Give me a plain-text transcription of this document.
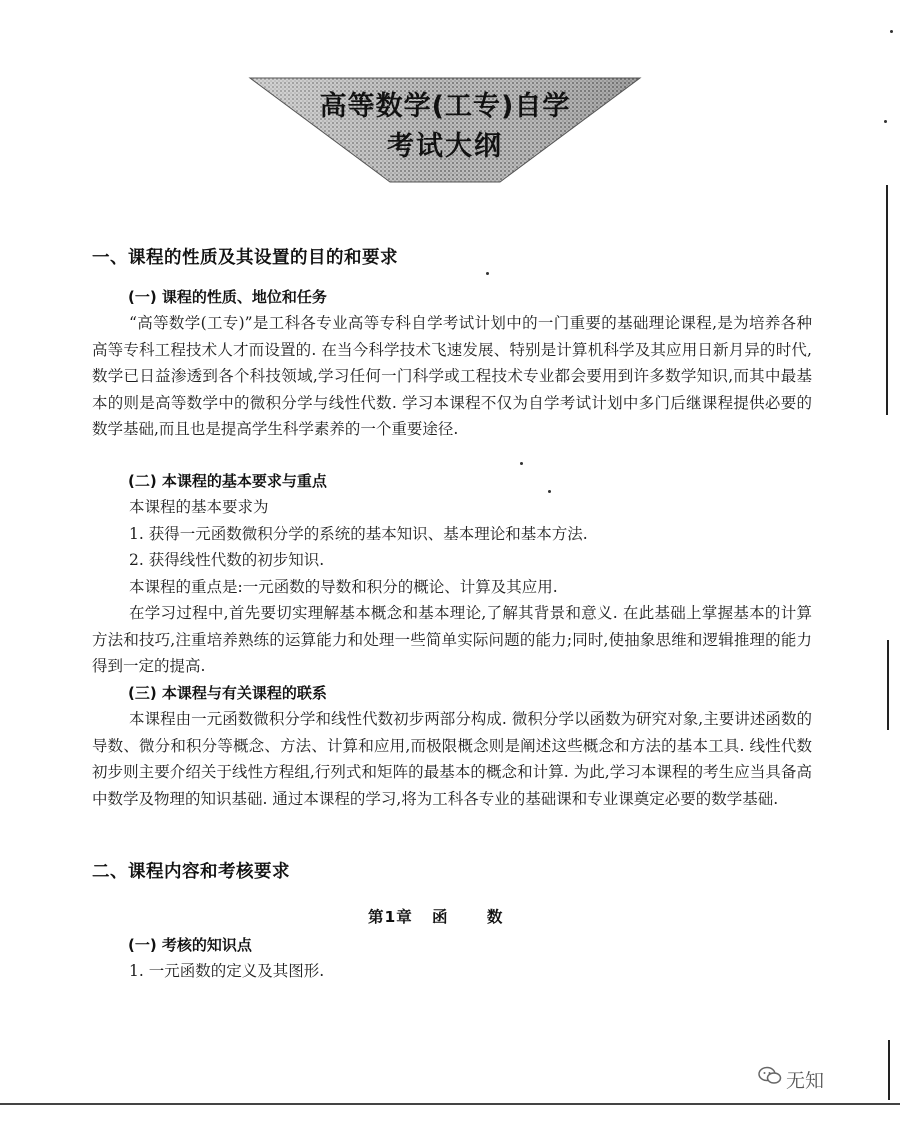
高等数学(工专)自学
考试大纲
一、课程的性质及其设置的目的和要求
(一) 课程的性质、地位和任务
“高等数学(工专)”是工科各专业高等专科自学考试计划中的一门重要的基础理论课程,是为培养各种高等专科工程技术人才而设置的. 在当今科学技术飞速发展、特别是计算机科学及其应用日新月异的时代,数学已日益渗透到各个科技领域,学习任何一门科学或工程技术专业都会要用到许多数学知识,而其中最基本的则是高等数学中的微积分学与线性代数. 学习本课程不仅为自学考试计划中多门后继课程提供必要的数学基础,而且也是提高学生科学素养的一个重要途径.
(二) 本课程的基本要求与重点
本课程的基本要求为
1. 获得一元函数微积分学的系统的基本知识、基本理论和基本方法.
2. 获得线性代数的初步知识.
本课程的重点是:一元函数的导数和积分的概论、计算及其应用.
在学习过程中,首先要切实理解基本概念和基本理论,了解其背景和意义. 在此基础上掌握基本的计算方法和技巧,注重培养熟练的运算能力和处理一些简单实际问题的能力;同时,使抽象思维和逻辑推理的能力得到一定的提高.
(三) 本课程与有关课程的联系
本课程由一元函数微积分学和线性代数初步两部分构成. 微积分学以函数为研究对象,主要讲述函数的导数、微分和积分等概念、方法、计算和应用,而极限概念则是阐述这些概念和方法的基本工具. 线性代数初步则主要介绍关于线性方程组,行列式和矩阵的最基本的概念和计算. 为此,学习本课程的考生应当具备高中数学及物理的知识基础. 通过本课程的学习,将为工科各专业的基础课和专业课奠定必要的数学基础.
二、课程内容和考核要求
第1章   函      数
(一) 考核的知识点
1. 一元函数的定义及其图形.
无知
